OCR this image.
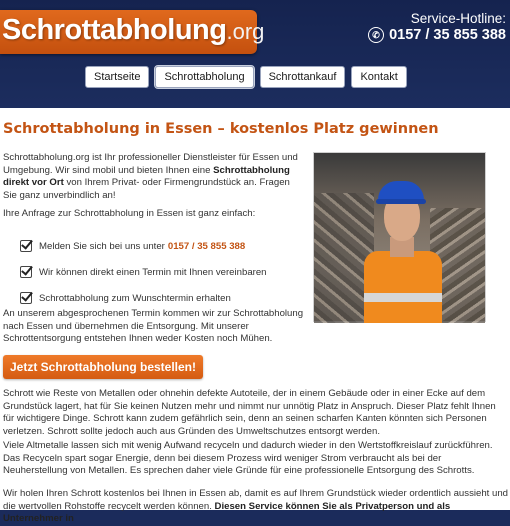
Schrottabholung.org
Service-Hotline:
✆ 0157 / 35 855 388
Startseite	Schrottabholung	Schrottankauf	Kontakt
Schrottabholung in Essen – kostenlos Platz gewinnen

Schrottabholung.org ist Ihr professioneller Dienstleister für Essen und Umgebung. Wir sind mobil und bieten Ihnen eine Schrottabholung direkt vor Ort von Ihrem Privat- oder Firmengrundstück an. Fragen Sie ganz unverbindlich an!

Ihre Anfrage zur Schrottabholung in Essen ist ganz einfach:

Melden Sie sich bei uns unter 0157 / 35 855 388
Wir können direkt einen Termin mit Ihnen vereinbaren
Schrottabholung zum Wunschtermin erhalten

An unserem abgesprochenen Termin kommen wir zur Schrottabholung nach Essen und übernehmen die Entsorgung. Mit unserer Schrottentsorgung entstehen Ihnen weder Kosten noch Mühen.

Jetzt Schrottabholung bestellen!

Schrott wie Reste von Metallen oder ohnehin defekte Autoteile, der in einem Gebäude oder in einer Ecke auf dem Grundstück lagert, hat für Sie keinen Nutzen mehr und nimmt nur unnötig Platz in Anspruch. Dieser Platz fehlt Ihnen für wichtigere Dinge. Schrott kann zudem gefährlich sein, denn an seinen scharfen Kanten könnten sich Personen verletzen. Schrott sollte jedoch auch aus Gründen des Umweltschutzes entsorgt werden.

Viele Altmetalle lassen sich mit wenig Aufwand recyceln und dadurch wieder in den Wertstoffkreislauf zurückführen. Das Recyceln spart sogar Energie, denn bei diesem Prozess wird weniger Strom verbraucht als bei der Neuherstellung von Metallen. Es sprechen daher viele Gründe für eine professionelle Entsorgung des Schrotts.

Wir holen Ihren Schrott kostenlos bei Ihnen in Essen ab, damit es auf Ihrem Grundstück wieder ordentlich aussieht und die wertvollen Rohstoffe recycelt werden können. Diesen Service können Sie als Privatperson und als Unternehmer in
